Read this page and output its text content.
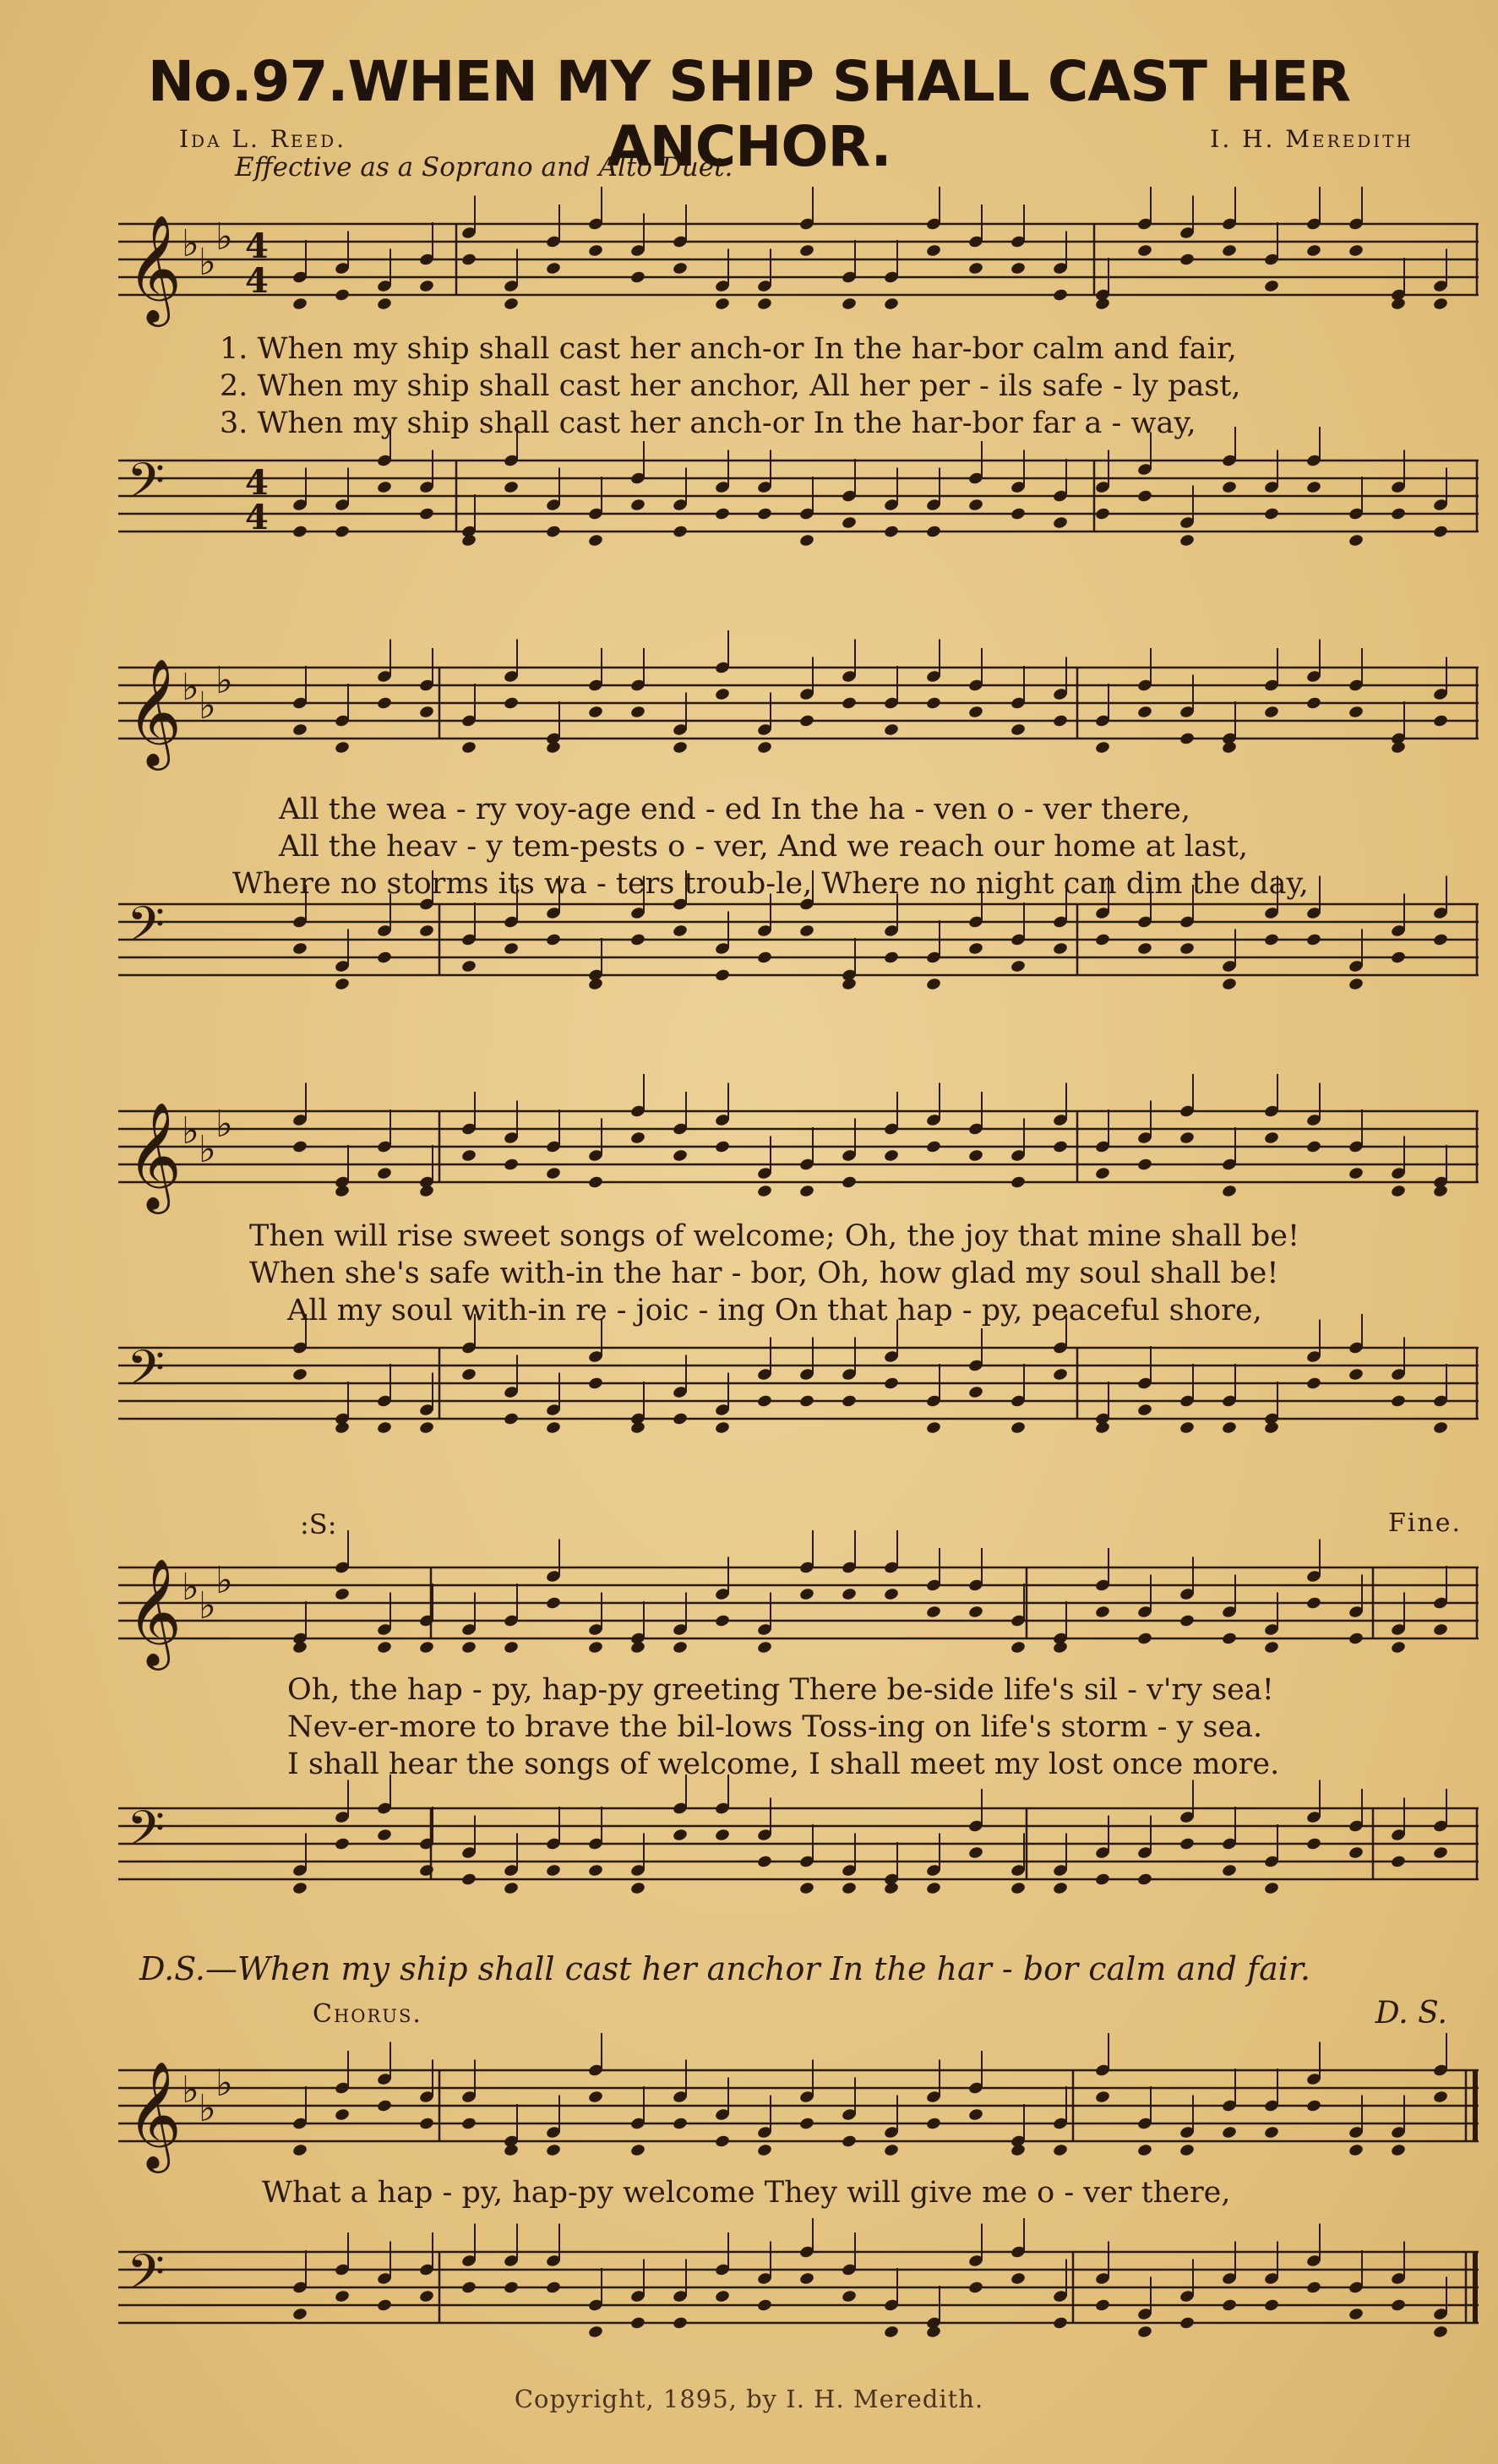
No.97.WHEN MY SHIP SHALL CAST HER ANCHOR.
Ida L. Reed.	I. H. Meredith
Effective as a Soprano and Alto Duet.
𝄞 ♭ ♭
♭ 4
4
𝄢 4
4
1. When my ship shall cast her anch-or In the har-bor calm and fair,
2. When my ship shall cast her anchor, All her per - ils safe - ly past,
3. When my ship shall cast her anch-or In the har-bor far a - way,
𝄞 ♭ ♭
♭
𝄢
All the wea - ry voy-age end - ed In the ha - ven o - ver there,
All the heav - y tem-pests o - ver, And we reach our home at last,
Where no storms its wa - ters troub-le, Where no night can dim the day,
𝄞 ♭ ♭
♭
𝄢
Then will rise sweet songs of welcome; Oh, the joy that mine shall be!
When she's safe with-in the har - bor, Oh, how glad my soul shall be!
All my soul with-in re - joic - ing On that hap - py, peaceful shore,
:S:	Fine.
𝄞 ♭ ♭
♭
𝄢
Oh, the hap - py, hap-py greeting There be-side life's sil - v'ry sea!
Nev-er-more to brave the bil-lows Toss-ing on life's storm - y sea.
I shall hear the songs of welcome, I shall meet my lost once more.
D.S.—When my ship shall cast her anchor In the har - bor calm and fair.
Chorus.	D. S.
𝄞 ♭ ♭
♭
𝄢
What a hap - py, hap-py welcome They will give me o - ver there,
Copyright, 1895, by I. H. Meredith.
